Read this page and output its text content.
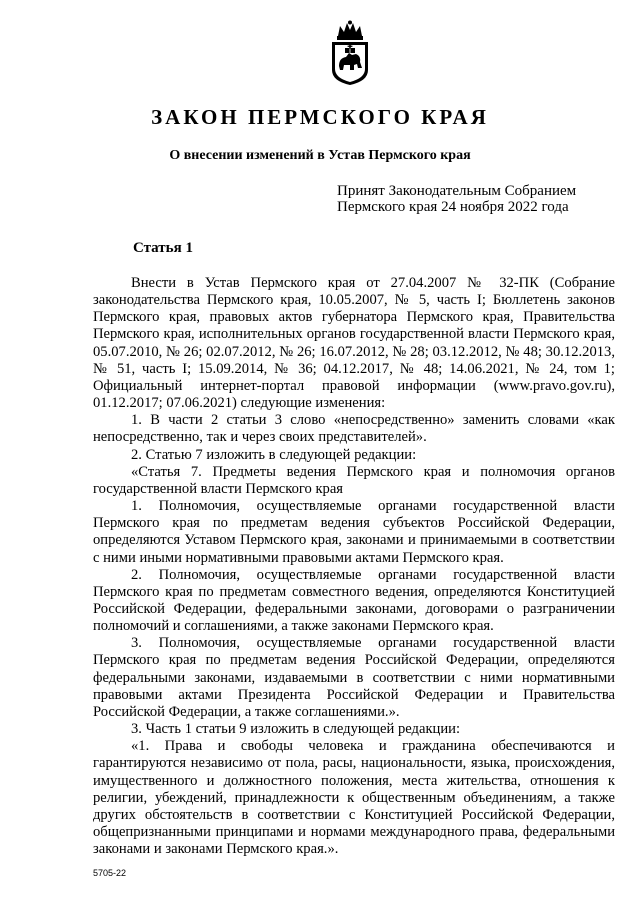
ЗАКОН ПЕРМСКОГО КРАЯ
О внесении изменений в Устав Пермского края
Принят Законодательным Собранием
Пермского края 24 ноября 2022 года
Статья 1

Внести в Устав Пермского края от 27.04.2007 № 32-ПК (Собрание законодательства Пермского края, 10.05.2007, № 5, часть I; Бюллетень законов Пермского края, правовых актов губернатора Пермского края, Правительства Пермского края, исполнительных органов государственной власти Пермского края, 05.07.2010, № 26; 02.07.2012, № 26; 16.07.2012, № 28; 03.12.2012, № 48; 30.12.2013, № 51, часть I; 15.09.2014, № 36; 04.12.2017, № 48; 14.06.2021, № 24, том 1; Официальный интернет-портал правовой информации (www.pravo.gov.ru), 01.12.2017; 07.06.2021) следующие изменения:

1. В части 2 статьи 3 слово «непосредственно» заменить словами «как непосредственно, так и через своих представителей».

2. Статью 7 изложить в следующей редакции:

«Статья 7. Предметы ведения Пермского края и полномочия органов государственной власти Пермского края

1. Полномочия, осуществляемые органами государственной власти Пермского края по предметам ведения субъектов Российской Федерации, определяются Уставом Пермского края, законами и принимаемыми в соответствии с ними иными нормативными правовыми актами Пермского края.

2. Полномочия, осуществляемые органами государственной власти Пермского края по предметам совместного ведения, определяются Конституцией Российской Федерации, федеральными законами, договорами о разграничении полномочий и соглашениями, а также законами Пермского края.

3. Полномочия, осуществляемые органами государственной власти Пермского края по предметам ведения Российской Федерации, определяются федеральными законами, издаваемыми в соответствии с ними нормативными правовыми актами Президента Российской Федерации и Правительства Российской Федерации, а также соглашениями.».

3. Часть 1 статьи 9 изложить в следующей редакции:

«1. Права и свободы человека и гражданина обеспечиваются и гарантируются независимо от пола, расы, национальности, языка, происхождения, имущественного и должностного положения, места жительства, отношения к религии, убеждений, принадлежности к общественным объединениям, а также других обстоятельств в соответствии с Конституцией Российской Федерации, общепризнанными принципами и нормами международного права, федеральными законами и законами Пермского края.».

5705-22
